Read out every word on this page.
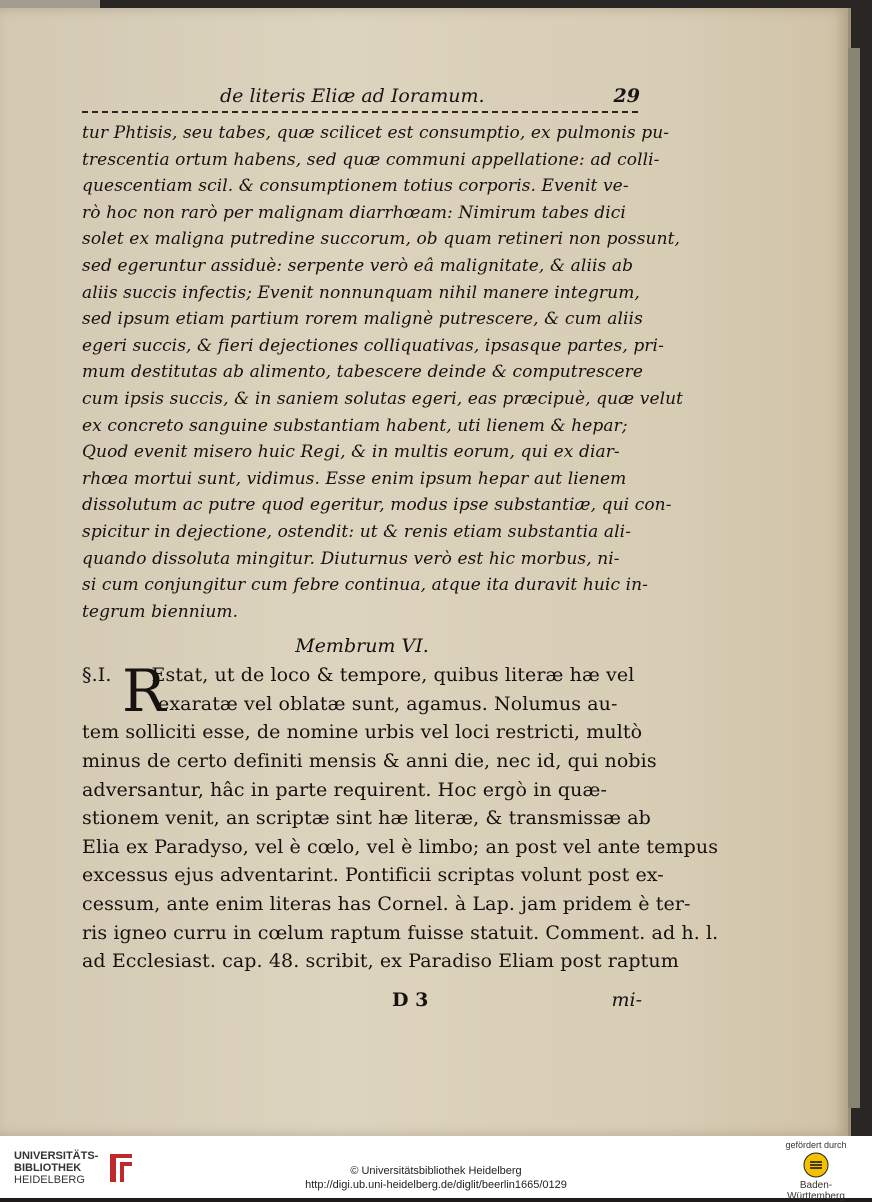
de literis Eliæ ad Ioramum.	29
tur Phtisis, seu tabes, quæ scilicet est consumptio, ex pulmonis pu-
trescentia ortum habens, sed quæ communi appellatione: ad colli-
quescentiam scil. & consumptionem totius corporis. Evenit ve-
rò hoc non rarò per malignam diarrhœam: Nimirum tabes dici
solet ex maligna putredine succorum, ob quam retineri non possunt,
sed egeruntur assiduè: serpente verò eâ malignitate, & aliis ab
aliis succis infectis; Evenit nonnunquam nihil manere integrum,
sed ipsum etiam partium rorem malignè putrescere, & cum aliis
egeri succis, & fieri dejectiones colliquativas, ipsasque partes, pri-
mum destitutas ab alimento, tabescere deinde & computrescere
cum ipsis succis, & in saniem solutas egeri, eas præcipuè, quæ velut
ex concreto sanguine substantiam habent, uti lienem & hepar;
Quod evenit misero huic Regi, & in multis eorum, qui ex diar-
rhœa mortui sunt, vidimus. Esse enim ipsum hepar aut lienem
dissolutum ac putre quod egeritur, modus ipse substantiæ, qui con-
spicitur in dejectione, ostendit: ut & renis etiam substantia ali-
quando dissoluta mingitur. Diuturnus verò est hic morbus, ni-
si cum conjungitur cum febre continua, atque ita duravit huic in-
tegrum biennium.
Membrum VI.
R
§.I. Estat, ut de loco & tempore, quibus literæ hæ vel
exaratæ vel oblatæ sunt, agamus. Nolumus au-
tem solliciti esse, de nomine urbis vel loci restricti, multò
minus de certo definiti mensis & anni die, nec id, qui nobis
adversantur, hâc in parte requirent. Hoc ergò in quæ-
stionem venit, an scriptæ sint hæ literæ, & transmissæ ab
Elia ex Paradyso, vel è cœlo, vel è limbo; an post vel ante tempus
excessus ejus adventarint. Pontificii scriptas volunt post ex-
cessum, ante enim literas has Cornel. à Lap. jam pridem è ter-
ris igneo curru in cœlum raptum fuisse statuit. Comment. ad h. l.
ad Ecclesiast. cap. 48. scribit, ex Paradiso Eliam post raptum
D 3	mi-
UNIVERSITÄTS-
BIBLIOTHEK
HEIDELBERG
© Universitätsbibliothek Heidelberg
http://digi.ub.uni-heidelberg.de/diglit/beerlin1665/0129
gefördert durch
Baden-Württemberg
